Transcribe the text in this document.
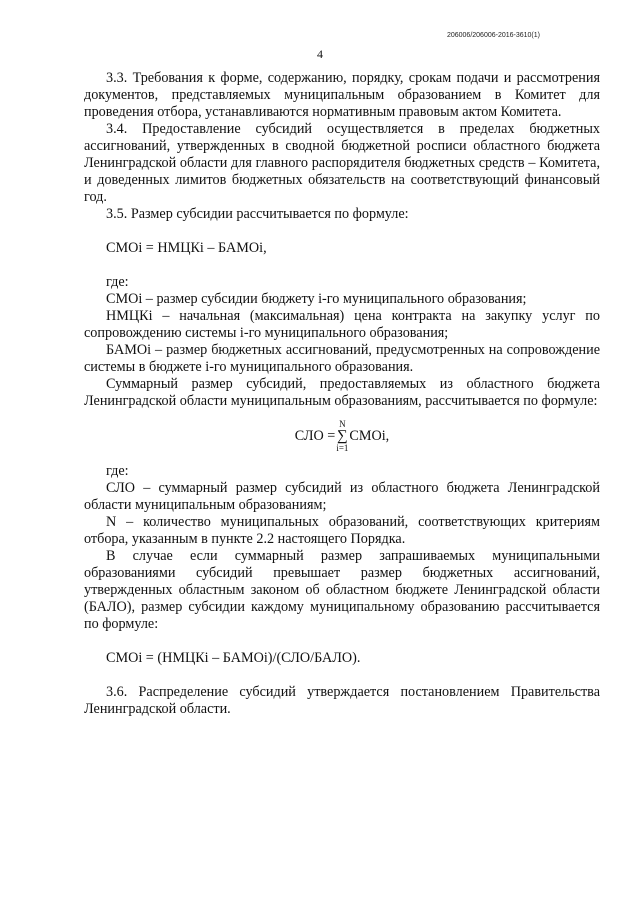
206006/206006-2016-3610(1)
4

3.3. Требования к форме, содержанию, порядку, срокам подачи и рассмотрения документов, представляемых муниципальным образованием в Комитет для проведения отбора, устанавливаются нормативным правовым актом Комитета.

3.4. Предоставление субсидий осуществляется в пределах бюджетных ассигнований, утвержденных в сводной бюджетной росписи областного бюджета Ленинградской области для главного распорядителя бюджетных средств – Комитета, и доведенных лимитов бюджетных обязательств на соответствующий финансовый год.

3.5. Размер субсидии рассчитывается по формуле:

СМОi = НМЦКi – БАМОi,

где:

СМОi – размер субсидии бюджету i-го муниципального образования;

НМЦКi – начальная (максимальная) цена контракта на закупку услуг по сопровождению системы i-го муниципального образования;

БАМОi – размер бюджетных ассигнований, предусмотренных на сопровождение системы в бюджете i-го муниципального образования.

Суммарный размер субсидий, предоставляемых из областного бюджета Ленинградской области муниципальным образованиям, рассчитывается по формуле:

СЛО =
N
∑
i=1
СМОi,

где:

СЛО – суммарный размер субсидий из областного бюджета Ленинградской области муниципальным образованиям;

N – количество муниципальных образований, соответствующих критериям отбора, указанным в пункте 2.2 настоящего Порядка.

В случае если суммарный размер запрашиваемых муниципальными образованиями субсидий превышает размер бюджетных ассигнований, утвержденных областным законом об областном бюджете Ленинградской области (БАЛО), размер субсидии каждому муниципальному образованию рассчитывается по формуле:

СМОi = (НМЦКi – БАМОi)/(СЛО/БАЛО).

3.6. Распределение субсидий утверждается постановлением Правительства Ленинградской области.
